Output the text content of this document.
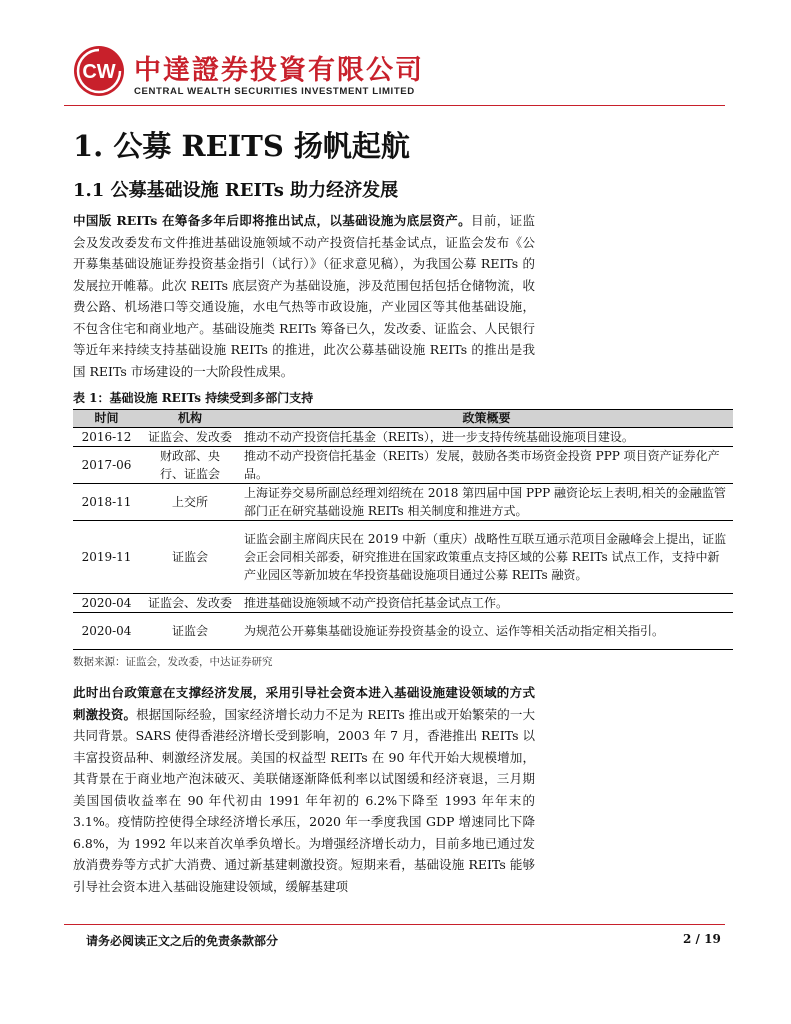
CW 中達證券投資有限公司
CENTRAL WEALTH SECURITIES INVESTMENT LIMITED
1. 公募 REITS 扬帆起航
1.1 公募基础设施 REITs 助力经济发展
中国版 REITs 在筹备多年后即将推出试点，以基础设施为底层资产。目前，证监会及发改委发布文件推进基础设施领域不动产投资信托基金试点，证监会发布《公开募集基础设施证券投资基金指引（试行）》（征求意见稿），为我国公募 REITs 的发展拉开帷幕。此次 REITs 底层资产为基础设施，涉及范围包括包括仓储物流，收费公路、机场港口等交通设施，水电气热等市政设施，产业园区等其他基础设施，不包含住宅和商业地产。基础设施类 REITs 筹备已久，发改委、证监会、人民银行等近年来持续支持基础设施 REITs 的推进，此次公募基础设施 REITs 的推出是我国 REITs 市场建设的一大阶段性成果。
表 1：基础设施 REITs 持续受到多部门支持
时间	机构	政策概要
2016-12	证监会、发改委	推动不动产投资信托基金（REITs），进一步支持传统基础设施项目建设。
2017-06	财政部、央行、证监会	推动不动产投资信托基金（REITs）发展，鼓励各类市场资金投资 PPP 项目资产证券化产品。
2018-11	上交所	上海证券交易所副总经理刘绍统在 2018 第四届中国 PPP 融资论坛上表明,相关的金融监管部门正在研究基础设施 REITs 相关制度和推进方式。
2019-11	证监会	证监会副主席阎庆民在 2019 中新（重庆）战略性互联互通示范项目金融峰会上提出，证监会正会同相关部委，研究推进在国家政策重点支持区域的公募 REITs 试点工作，支持中新产业园区等新加坡在华投资基础设施项目通过公募 REITs 融资。
2020-04	证监会、发改委	推进基础设施领域不动产投资信托基金试点工作。
2020-04	证监会	为规范公开募集基础设施证券投资基金的设立、运作等相关活动指定相关指引。
数据来源：证监会，发改委，中达证券研究
此时出台政策意在支撑经济发展，采用引导社会资本进入基础设施建设领域的方式刺激投资。根据国际经验，国家经济增长动力不足为 REITs 推出或开始繁荣的一大共同背景。SARS 使得香港经济增长受到影响，2003 年 7 月，香港推出 REITs 以丰富投资品种、刺激经济发展。美国的权益型 REITs 在 90 年代开始大规模增加，其背景在于商业地产泡沫破灭、美联储逐渐降低利率以试图缓和经济衰退，三月期美国国债收益率在 90 年代初由 1991 年年初的 6.2%下降至 1993 年年末的 3.1%。疫情防控使得全球经济增长承压，2020 年一季度我国 GDP 增速同比下降 6.8%，为 1992 年以来首次单季负增长。为增强经济增长动力，目前多地已通过发放消费券等方式扩大消费、通过新基建刺激投资。短期来看，基础设施 REITs 能够引导社会资本进入基础设施建设领域，缓解基建项
请务必阅读正文之后的免责条款部分	2 / 19
